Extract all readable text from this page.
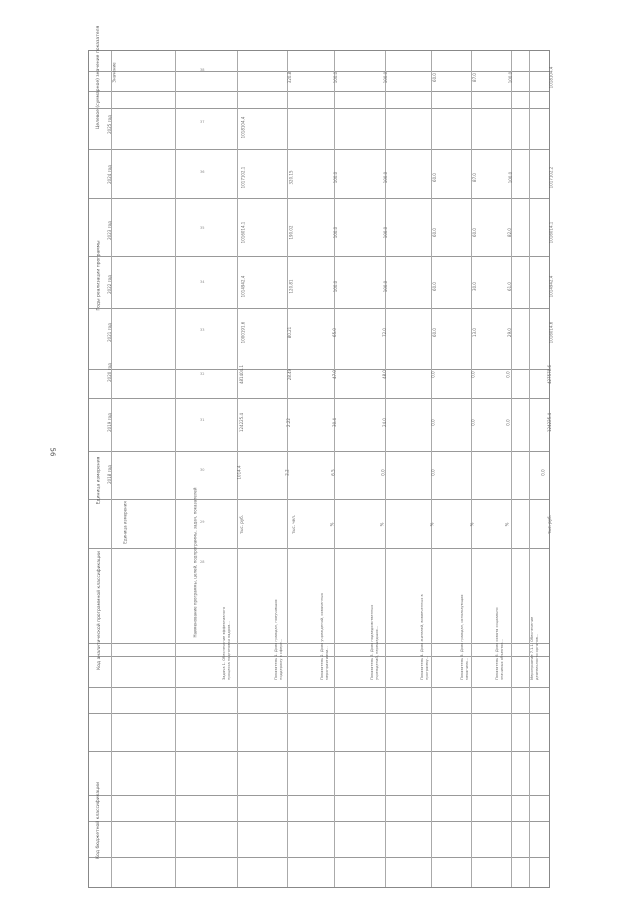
56
Целевое (суммарное) значение показателя
Годы реализации программы
Единица измерения
Код аналитической программной классификации
Код бюджетной классификации
Значение
2025 год
2024 год
2023 год
2022 год
2021 год
2020 год
2019 год
2018 год
Единица измерения	Наименование программы, целей, подпрограммы, задач, показателей
38
37
36
35
34
33
32
31
30
29
28
1018104.4
1017102.1
1016014.1
1014942.4
1000191.6
481404.1
124225.4
1014.4
тыс. руб.
Задача 1. Обеспечение эффективного процесса подготовки кадров...
320.8
320.15
190.02
120.81
80.21
28.49
2.22
2.2
тыс. чел.
Показатель 1. Доля граждан, получивших поддержку в сфере...
100.0
100.0
100.0
100.0
65.0
47.0
30.4
6.5
%
Показатель 2. Доля учреждений, охваченных мероприятиями...
100.0
100.0
100.0
100.0
72.0
48.0
24.0
0.0
%
Показатель 3. Доля подведомственных учреждений, перешедших...
60.0
60.0
60.0
60.0
60.0
0.0
0.0
0.0
%
Показатель 4. Доля жителей, вовлеченных в программу...
87.0
87.0
60.0
30.0
13.0
0.0
0.0
%
Показатель 5. Доля граждан, использующих механизм...
100.0
100.0
82.0
61.0
29.0
0.0
0.0
%
Показатель 6. Доля охвата социально значимых объектов...
1018104.4
1017102.2
1016014.1
1014942.4
1016014.6
427578.6
124225.4
0.0
тыс. руб.
Мероприятие 7.1.1. Обеспечение деятельности органов...
